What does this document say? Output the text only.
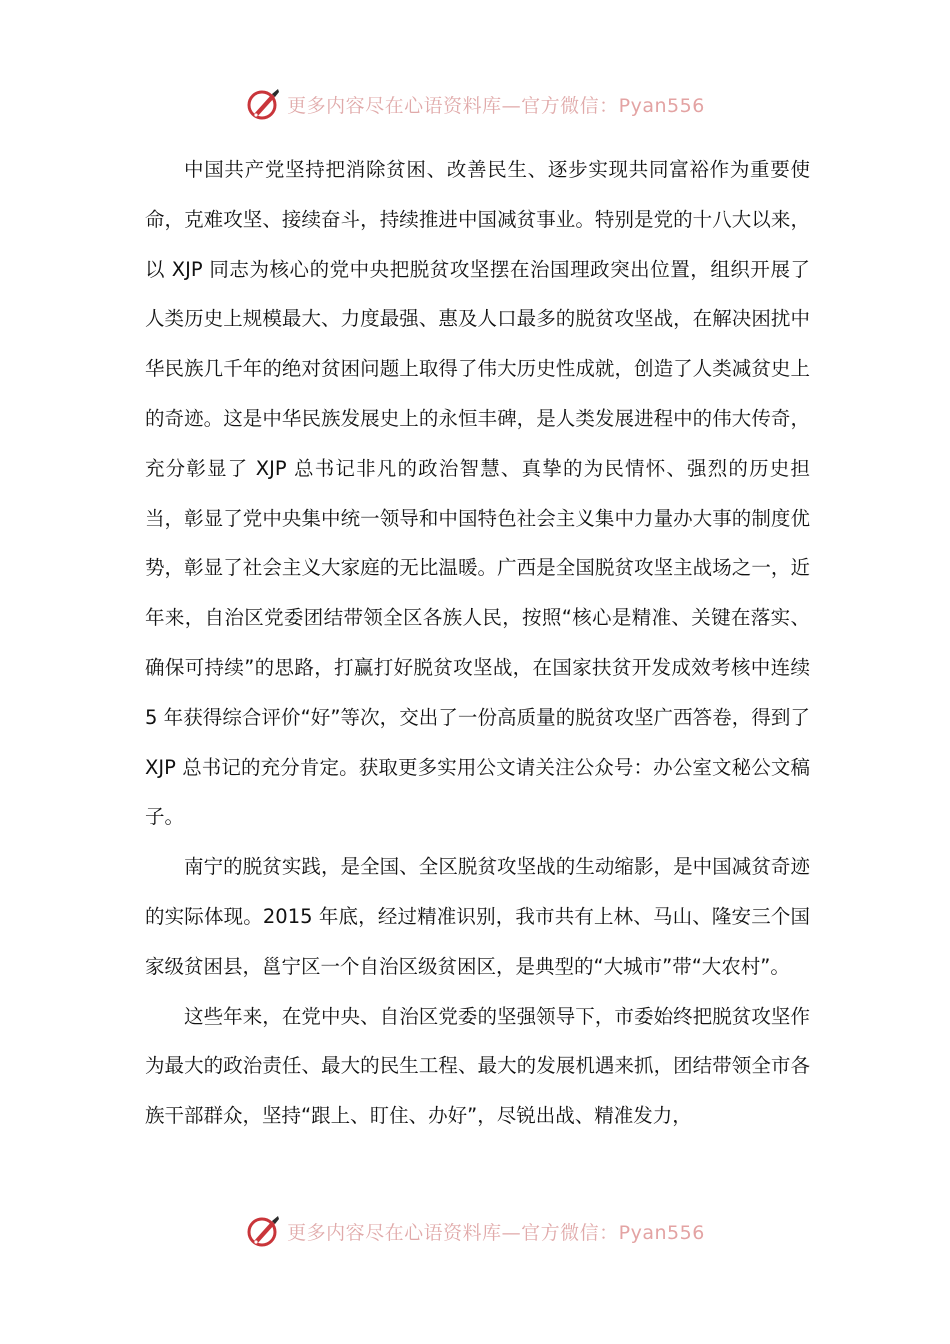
更多内容尽在心语资料库—官方微信：Pyan556

中国共产党坚持把消除贫困、改善民生、逐步实现共同富裕作为重要使命，克难攻坚、接续奋斗，持续推进中国减贫事业。特别是党的十八大以来，以 XJP 同志为核心的党中央把脱贫攻坚摆在治国理政突出位置，组织开展了人类历史上规模最大、力度最强、惠及人口最多的脱贫攻坚战，在解决困扰中华民族几千年的绝对贫困问题上取得了伟大历史性成就，创造了人类减贫史上的奇迹。这是中华民族发展史上的永恒丰碑，是人类发展进程中的伟大传奇，充分彰显了 XJP 总书记非凡的政治智慧、真挚的为民情怀、强烈的历史担当，彰显了党中央集中统一领导和中国特色社会主义集中力量办大事的制度优势，彰显了社会主义大家庭的无比温暖。广西是全国脱贫攻坚主战场之一，近年来，自治区党委团结带领全区各族人民，按照“核心是精准、关键在落实、确保可持续”的思路，打赢打好脱贫攻坚战，在国家扶贫开发成效考核中连续 5 年获得综合评价“好”等次，交出了一份高质量的脱贫攻坚广西答卷，得到了 XJP 总书记的充分肯定。获取更多实用公文请关注公众号：办公室文秘公文稿子。

南宁的脱贫实践，是全国、全区脱贫攻坚战的生动缩影，是中国减贫奇迹的实际体现。2015 年底，经过精准识别，我市共有上林、马山、隆安三个国家级贫困县，邕宁区一个自治区级贫困区，是典型的“大城市”带“大农村”。

这些年来，在党中央、自治区党委的坚强领导下，市委始终把脱贫攻坚作为最大的政治责任、最大的民生工程、最大的发展机遇来抓，团结带领全市各族干部群众，坚持“跟上、盯住、办好”，尽锐出战、精准发力，

更多内容尽在心语资料库—官方微信：Pyan556
